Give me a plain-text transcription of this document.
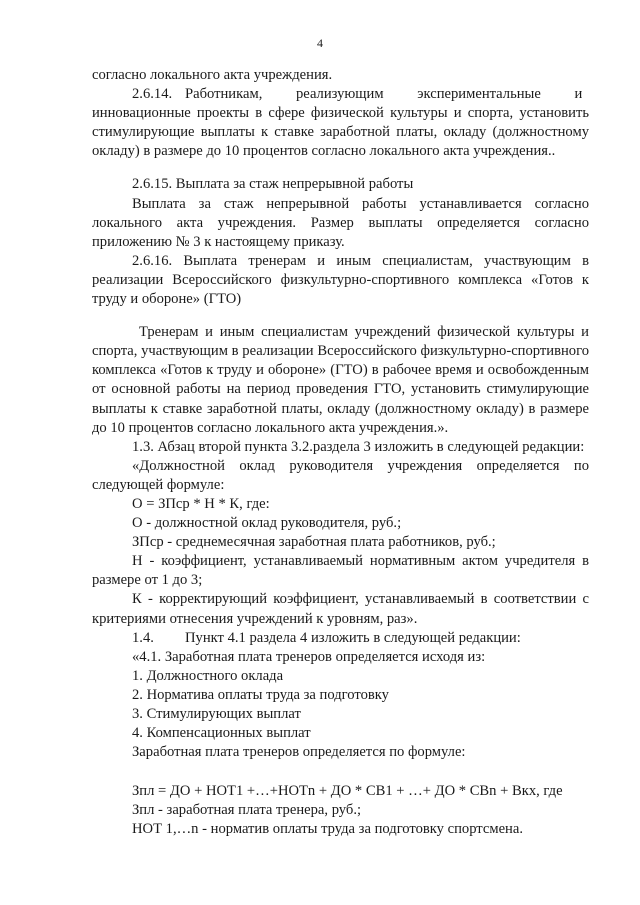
4

согласно локального акта учреждения.

2.6.14. Работникам, реализующим экспериментальные и

инновационные проекты в сфере физической культуры и спорта, установить стимулирующие выплаты к ставке заработной платы, окладу (должностному окладу) в размере до 10 процентов согласно локального акта учреждения..

2.6.15. Выплата за стаж непрерывной работы

Выплата за стаж непрерывной работы устанавливается согласно локального акта учреждения. Размер выплаты определяется согласно приложению № 3 к настоящему приказу.

2.6.16. Выплата тренерам и иным специалистам, участвующим в реализации Всероссийского физкультурно-спортивного комплекса «Готов к труду и обороне» (ГТО)

Тренерам и иным специалистам учреждений физической культуры и спорта, участвующим в реализации Всероссийского физкультурно-спортивного комплекса «Готов к труду и обороне» (ГТО) в рабочее время и освобожденным от основной работы на период проведения ГТО, установить стимулирующие выплаты к ставке заработной платы, окладу (должностному окладу) в размере до 10 процентов согласно локального акта учреждения.».

1.3. Абзац второй пункта 3.2.раздела 3 изложить в следующей редакции:

«Должностной оклад руководителя учреждения определяется по следующей формуле:

О = ЗПср * Н * К, где:

О - должностной оклад руководителя, руб.;

ЗПср - среднемесячная заработная плата работников, руб.;

Н - коэффициент, устанавливаемый нормативным актом учредителя в размере от 1 до 3;

К - корректирующий коэффициент, устанавливаемый в соответствии с критериями отнесения учреждений к уровням, раз».

1.4.	Пункт 4.1 раздела 4 изложить в следующей редакции:

«4.1. Заработная плата тренеров определяется исходя из:

1. Должностного оклада

2. Норматива оплаты труда за подготовку

3. Стимулирующих выплат

4. Компенсационных выплат

Заработная плата тренеров определяется по формуле:

Зпл = ДО + НОТ1 +…+НОТn + ДО * СВ1 + …+ ДО * СВn + Вкх, где

Зпл - заработная плата тренера, руб.;

НОТ 1,…n - норматив оплаты труда за подготовку спортсмена.
